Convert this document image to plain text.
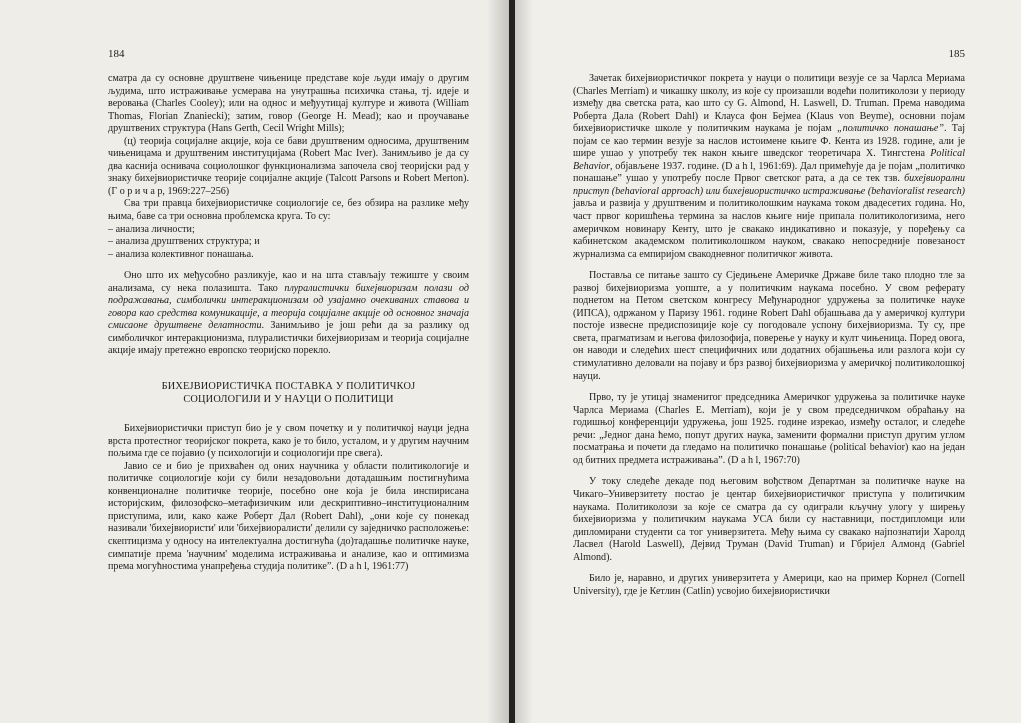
184

сматра да су основне друштвене чињенице представе које људи имају о другим људима, што истраживање усмерава на унутрашња психичка стања, тј. идеје и веровања (Charles Cooley); или на однос и међуутицај културе и живота (William Thomas, Florian Znaniecki); затим, говор (George H. Mead); као и проучавање друштвених структура (Hans Gerth, Cecil Wright Mills);

(ц) теорија социјалне акције, која се бави друштвеним односима, друштвеним чињеницама и друштвеним институцијама (Robert Mac Iver). Занимљиво је да су два каснија оснивача социолошког функционализма започела свој теоријски рад у знаку бихејвиористичке теорије социјалне акције (Talcott Parsons и Robert Merton). (Г о р и ч а р, 1969:227–256)

Сва три правца бихејвиористичке социологије се, без обзира на разлике међу њима, баве са три основна проблемска круга. То су:

– анализа личности;

– анализа друштвених структура; и

– анализа колективног понашања.

Оно што их међусобно разликује, као и на шта стављају тежиште у своим анализама, су нека полазишта. Тако плуралистички бихејвиоризам полази од подражавања, симболички интеракционизам од узајамно очекиваних ставова и говора као средства комуникације, а теорија социјалне акције од основног значаја смисаоне друштвене делатности. Занимљиво је још рећи да за разлику од симболичког интеракционизма, плуралистички бихејвиоризам и теорија социјалне акције имају претежно европско теоријско порекло.

БИХЕЈВИОРИСТИЧКА ПОСТАВКА У ПОЛИТИЧКОЈ
СОЦИОЛОГИЈИ И У НАУЦИ О ПОЛИТИЦИ

Бихејвиористички приступ био је у свом почетку и у политичкој науци једна врста протестног теоријског покрета, како је то било, усталом, и у другим научним пољима где се појавио (у психологији и социологији пре свега).

Јавио се и био је прихваћен од оних научника у области политикологије и политичке социологије који су били незадовољни дотадашњим постигнућима конвенционалне политичке теорије, посебно оне која је била инспирисана историјским, филозофско–метафизичким или дескриптивно–институционалним приступима, или, како каже Роберт Дал (Robert Dahl), „они које су понекад називали 'бихејвиористи' или 'бихејвиоралисти' делили су заједничко расположење: скептицизма у односу на интелектуална достигнућа (до)тадашње политичке науке, симпатије према 'научним' моделима истраживања и анализе, као и оптимизма према могућностима унапређења студија политике”. (D a h l, 1961:77)

185

Зачетак бихејвиористичког покрета у науци о политици везује се за Чарлса Мериама (Charles Merriam) и чикашку школу, из које су произашли водећи политиколози у периоду између два светска рата, као што су G. Almond, H. Laswell, D. Truman. Према наводима Роберта Дала (Robert Dahl) и Клауса фон Бејмеа (Klaus von Beyme), основни појам бихејвиористичке школе у политичким наукама је појам „политичко понашање”. Тај појам се као термин везује за наслов истоимене књиге Ф. Кента из 1928. године, али је шире ушао у употребу тек након књиге шведског теоретичара Х. Тингстена Political Behavior, објављене 1937. године. (D a h l, 1961:69). Дал примећује да је појам „политичко понашање” ушао у употребу после Првог светског рата, а да се тек тзв. бихејвиорални приступ (behavioral approach) или бихејвиористичко истраживање (behavioralist research) јавља и развија у друштвеним и политиколошким наукама током двадесетих година. Но, част првог коришћења термина за наслов књиге није припала политикологизима, него америчком новинару Кенту, што је свакако индикативно и показује, у поређењу са кабинетском академском политиколошком науком, свакако непосредније повезаност журнализма са емпиријом свакодневног политичког живота.

Поставља се питање зашто су Сједињене Америчке Државе биле тако плодно тле за развој бихејвиоризма уопште, а у политичким наукама посебно. У свом реферату поднетом на Петом светском конгресу Међународног удружења за политичке науке (ИПСА), одржаном у Паризу 1961. године Robert Dahl објашњава да у америчкој култури постоје извесне предиспозиције које су погодовале успону бихејвиоризма. Ту су, пре света, прагматизам и његова филозофија, поверење у науку и култ чињеница. Поред овога, он наводи и следећих шест специфичних или додатних објашњења или разлога који су стимулативно деловали на појаву и брз развој бихејвиоризма у америчкој политиколошкој науци.

Прво, ту је утицај знаменитог председника Америчког удружења за политичке науке Чарлса Мериама (Charles E. Merriam), који је у свом председничком обраћању на годишњој конференцији удружења, још 1925. године изрекао, између осталог, и следеће речи: „Једног дана ћемо, попут других наука, заменити формални приступ другим углом посматрања и почети да гледамо на политичко понашање (political behavior) као на један од битних предмета истраживања”. (D a h l, 1967:70)

У току следеће декаде под његовим вођством Департман за политичке науке на Чикаго–Универзитету постао је центар бихејвиористичког приступа у политичким наукама. Политиколози за које се сматра да су одиграли кључну улогу у ширењу бихејвиоризма у политичким наукама УСА били су наставници, постдипломци или дипломирани студенти са тог универзитета. Међу њима су свакако најпознатији Харолд Ласвел (Harold Laswell), Дејвид Труман (David Truman) и Гбријел Алмонд (Gabriel Almond).

Било је, наравно, и других универзитета у Америци, као на пример Корнел (Cornell University), где је Кетлин (Catlin) усвојио бихејвиористички
